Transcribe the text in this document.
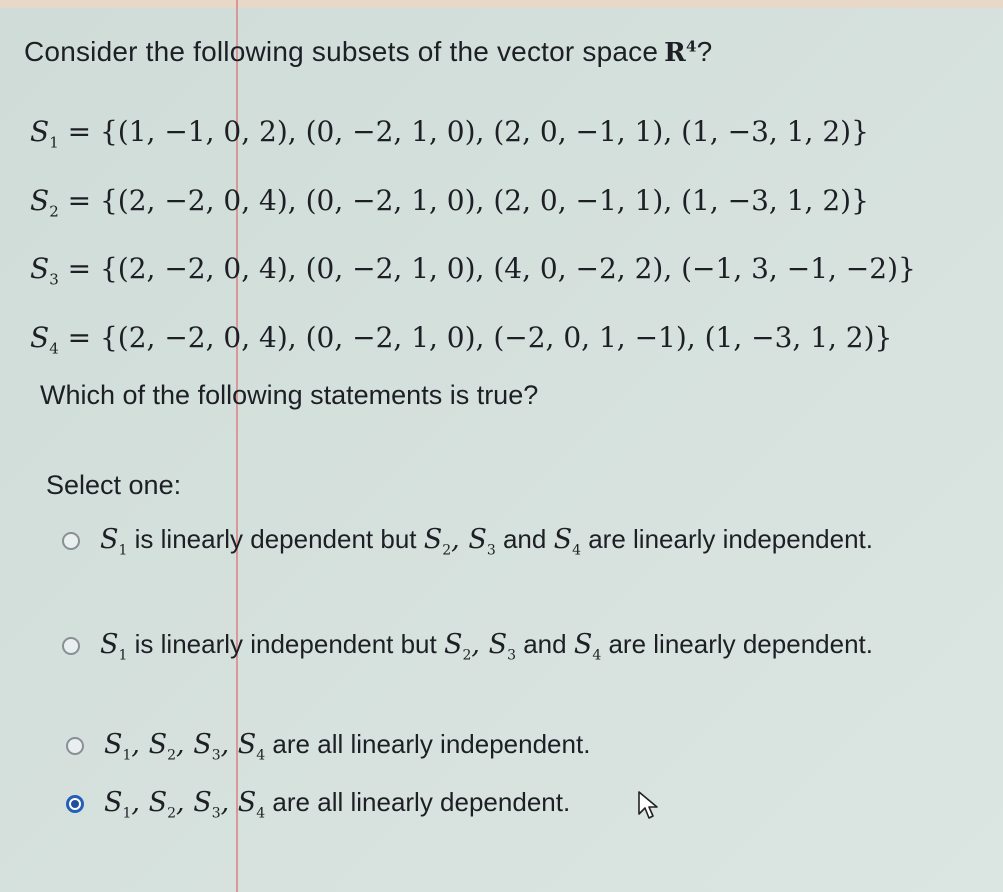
Consider the following subsets of the vector space $R^4$?
$S_1 = \{(1$, −1, 0, 2), (0, −2, 1, 0), (2, 0, −1, 1), (1, −3, 1, 2)}
$S_2 = \{(2$, −2, 0, 4), (0, −2, 1, 0), (2, 0, −1, 1), (1, −3, 1, 2)}
$S_3 = \{(2$, −2, 0, 4), (0, −2, 1, 0), (4, 0, −2, 2), (−1, 3, −1, −2)}
$S_4 = \{(2$, −2, 0, 4), (0, −2, 1, 0), (−2, 0, 1, −1), (1, −3, 1, 2)}
Which of the following statements is true?
Select one:
$S_1$ is linearly dependent but $S_2$, $S_3$ and $S_4$ are linearly independent.
$S_1$ is linearly independent but $S_2$, $S_3$ and $S_4$ are linearly dependent.
$S_1$, $S_2$, $S_3$, $S_4$ are all linearly independent.
$S_1$, $S_2$, $S_3$, $S_4$ are all linearly dependent.
